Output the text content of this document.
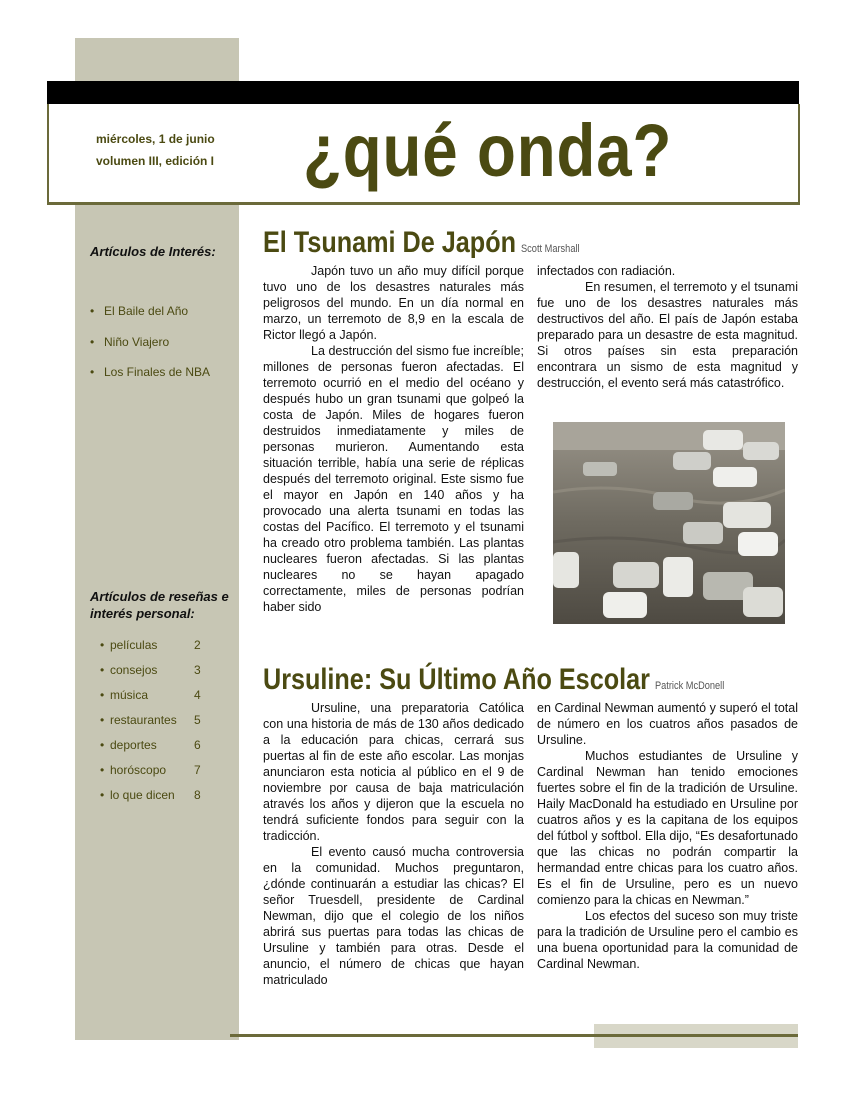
miércoles, 1 de junio
volumen III, edición I ¿qué onda?
Artículos de Interés:
• El Baile del Año
• Niño Viajero
• Los Finales de NBA
Artículos de reseñas e interés personal:
• películas	2
• consejos	3
• música	4
• restaurantes 5
• deportes	6
• horóscopo 7
• lo que dicen 8
El Tsunami De Japón Scott Marshall

Japón tuvo un año muy difícil porque tuvo uno de los desastres naturales más peligrosos del mundo. En un día normal en marzo, un terremoto de 8,9 en la escala de Rictor llegó a Japón.

La destrucción del sismo fue increíble; millones de personas fueron afectadas. El terremoto ocurrió en el medio del océano y después hubo un gran tsunami que golpeó la costa de Japón. Miles de hogares fueron destruidos inmediatamente y miles de personas murieron. Aumentando esta situación terrible, había una serie de réplicas después del terremoto original. Este sismo fue el mayor en Japón en 140 años y ha provocado una alerta tsunami en todas las costas del Pacífico. El terremoto y el tsunami ha creado otro problema también. Las plantas nucleares fueron afectadas. Si las plantas nucleares no se hayan apagado correctamente, miles de personas podrían haber sido

infectados con radiación.

En resumen, el terremoto y el tsunami fue uno de los desastres naturales más destructivos del año. El país de Japón estaba preparado para un desastre de esta magnitud. Si otros países sin esta preparación encontrara un sismo de esta magnitud y destrucción, el evento será más catastrófico.

Ursuline: Su Último Año Escolar Patrick McDonell

Ursuline, una preparatoria Católica con una historia de más de 130 años dedicado a la educación para chicas, cerrará sus puertas al fin de este año escolar. Las monjas anunciaron esta noticia al público en el 9 de noviembre por causa de baja matriculación através los años y dijeron que la escuela no tendrá suficiente fondos para seguir con la tradicción.

El evento causó mucha controversia en la comunidad. Muchos preguntaron, ¿dónde continuarán a estudiar las chicas? El señor Truesdell, presidente de Cardinal Newman, dijo que el colegio de los niños abrirá sus puertas para todas las chicas de Ursuline y también para otras. Desde el anuncio, el número de chicas que hayan matriculado

en Cardinal Newman aumentó y superó el total de número en los cuatros años pasados de Ursuline.

Muchos estudiantes de Ursuline y Cardinal Newman han tenido emociones fuertes sobre el fin de la tradición de Ursuline. Haily MacDonald ha estudiado en Ursuline por cuatros años y es la capitana de los equipos del fútbol y softbol. Ella dijo, “Es desafortunado que las chicas no podrán compartir la hermandad entre chicas para los cuatro años. Es el fin de Ursuline, pero es un nuevo comienzo para la chicas en Newman.”

Los efectos del suceso son muy triste para la tradición de Ursuline pero el cambio es una buena oportunidad para la comunidad de Cardinal Newman.
